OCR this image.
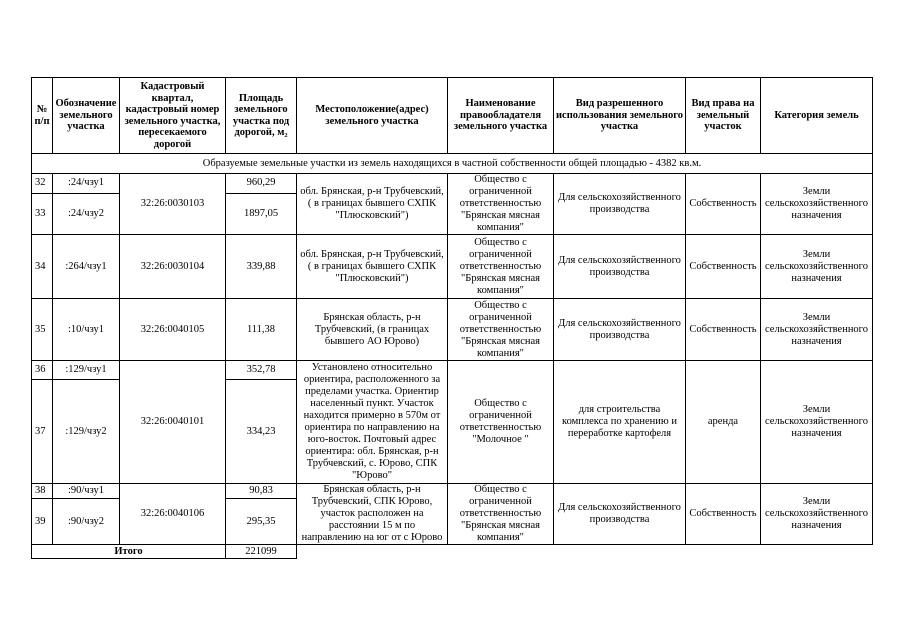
№ п/п	Обозначение земельного участка	Кадастровый квартал, кадастровый номер земельного участка, пересекаемого дорогой	Площадь земельного участка под дорогой, м₂	Местоположение(адрес) земельного участка	Наименование правообладателя земельного участка	Вид разрешенного использования земельного участка	Вид права на земельный участок	Категория земель
Образуемые земельные участки из земель находящихся в частной собственности общей площадью - 4382 кв.м.								
32	:24/чзу1	32:26:0030103	960,29	обл. Брянская, р-н Трубчевский, ( в границах бывшего СХПК "Плюсковский")	Общество с ограниченной ответственностью "Брянская мясная компания"	Для сельскохозяйственного производства	Собственность	Земли сельскохозяйственного назначения
33	:24/чзу2		1897,05					
34	:264/чзу1	32:26:0030104	339,88	обл. Брянская, р-н Трубчевский, ( в границах бывшего СХПК "Плюсковский")	Общество с ограниченной ответственностью "Брянская мясная компания"	Для сельскохозяйственного производства	Собственность	Земли сельскохозяйственного назначения
35	:10/чзу1	32:26:0040105	111,38	Брянская область, р-н Трубчевский, (в границах бывшего АО Юрово)	Общество с ограниченной ответственностью "Брянская мясная компания"	Для сельскохозяйственного производства	Собственность	Земли сельскохозяйственного назначения
36	:129/чзу1	32:26:0040101	352,78	Установлено относительно ориентира, расположенного за пределами участка. Ориентир населенный пункт. Участок находится примерно в 570м от ориентира по направлению на юго-восток. Почтовый адрес ориентира: обл. Брянская, р-н Трубчевский, с. Юрово, СПК "Юрово"	Общество с ограниченной ответственностью "Молочное "	для строительства комплекса по хранению и переработке картофеля	аренда	Земли сельскохозяйственного назначения
37	:129/чзу2		334,23					
38	:90/чзу1	32:26:0040106	90,83	Брянская область, р-н Трубчевский, СПК Юрово, участок расположен на расстоянии 15 м по направлению на юг от с Юрово	Общество с ограниченной ответственностью "Брянская мясная компания"	Для сельскохозяйственного производства	Собственность	Земли сельскохозяйственного назначения
39	:90/чзу2		295,35					
Итого			221099					
